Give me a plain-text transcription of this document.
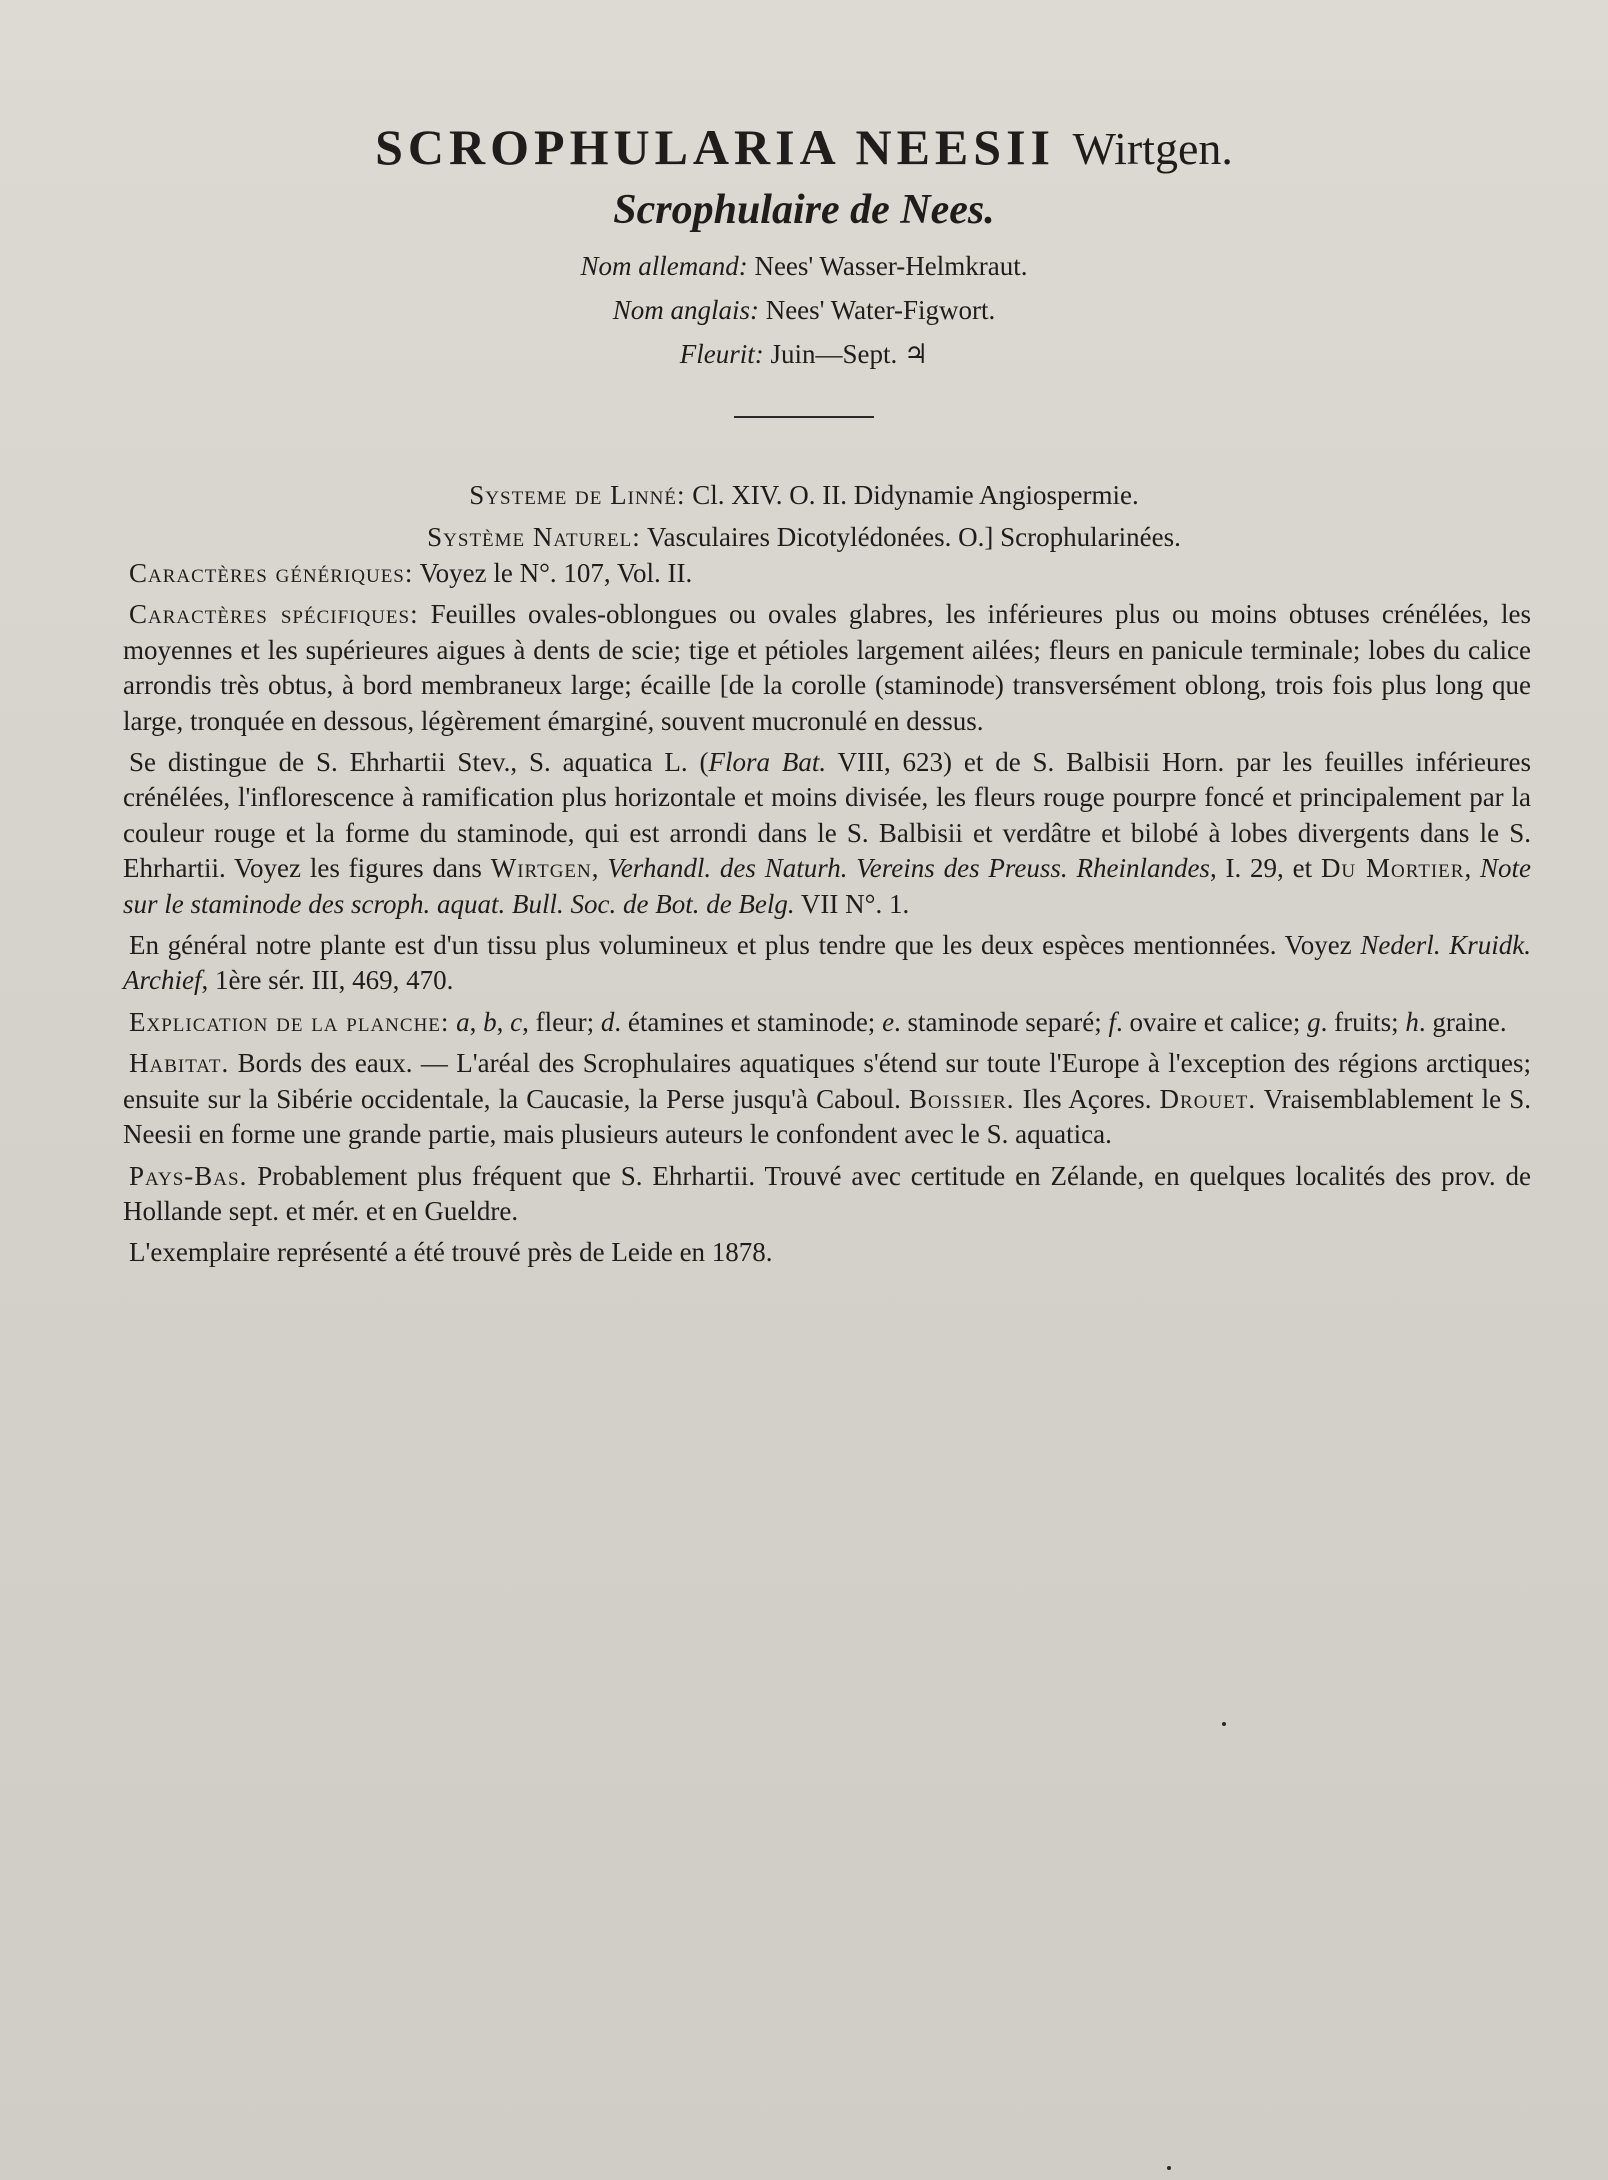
SCROPHULARIA NEESII Wirtgen.
Scrophulaire de Nees.
Nom allemand: Nees' Wasser-Helmkraut.
Nom anglais: Nees' Water-Figwort.
Fleurit: Juin—Sept. ♃
Systeme de Linné: Cl. XIV. O. II. Didynamie Angiospermie.
Système Naturel: Vasculaires Dicotylédonées. O.] Scrophularinées.

Caractères génériques: Voyez le N°. 107, Vol. II.

Caractères spécifiques: Feuilles ovales-oblongues ou ovales glabres, les inférieures plus ou moins obtuses crénélées, les moyennes et les supérieures aigues à dents de scie; tige et pétioles largement ailées; fleurs en panicule terminale; lobes du calice arrondis très obtus, à bord membraneux large; écaille [de la corolle (staminode) transversément oblong, trois fois plus long que large, tronquée en dessous, légèrement émarginé, souvent mucronulé en dessus.

Se distingue de S. Ehrhartii Stev., S. aquatica L. (Flora Bat. VIII, 623) et de S. Balbisii Horn. par les feuilles inférieures crénélées, l'inflorescence à ramification plus horizontale et moins divisée, les fleurs rouge pourpre foncé et principalement par la couleur rouge et la forme du staminode, qui est arrondi dans le S. Balbisii et verdâtre et bilobé à lobes divergents dans le S. Ehrhartii. Voyez les figures dans Wirtgen, Verhandl. des Naturh. Vereins des Preuss. Rheinlandes, I. 29, et Du Mortier, Note sur le staminode des scroph. aquat. Bull. Soc. de Bot. de Belg. VII N°. 1.

En général notre plante est d'un tissu plus volumineux et plus tendre que les deux espèces mentionnées. Voyez Nederl. Kruidk. Archief, 1ère sér. III, 469, 470.

Explication de la planche: a, b, c, fleur; d. étamines et staminode; e. staminode separé; f. ovaire et calice; g. fruits; h. graine.

Habitat. Bords des eaux. — L'aréal des Scrophulaires aquatiques s'étend sur toute l'Europe à l'exception des régions arctiques; ensuite sur la Sibérie occidentale, la Caucasie, la Perse jusqu'à Caboul. Boissier. Iles Açores. Drouet. Vraisemblablement le S. Neesii en forme une grande partie, mais plusieurs auteurs le confondent avec le S. aquatica.

Pays-Bas. Probablement plus fréquent que S. Ehrhartii. Trouvé avec certitude en Zélande, en quelques localités des prov. de Hollande sept. et mér. et en Gueldre.

L'exemplaire représenté a été trouvé près de Leide en 1878.
